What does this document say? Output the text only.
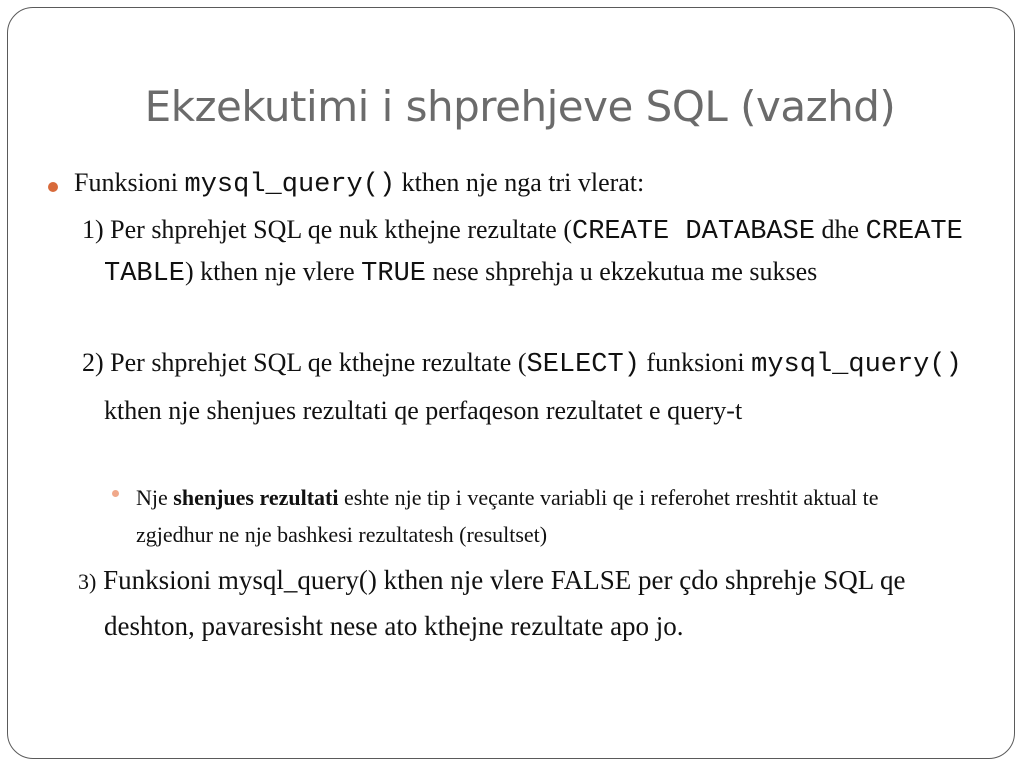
Ekzekutimi i shprehjeve SQL (vazhd)
Funksioni mysql_query() kthen nje nga tri vlerat:
1) Per shprehjet SQL qe nuk kthejne rezultate (CREATE DATABASE dhe CREATE TABLE) kthen nje vlere TRUE nese shprehja u ekzekutua me sukses
2) Per shprehjet SQL qe kthejne rezultate (SELECT) funksioni mysql_query() kthen nje shenjues rezultati qe perfaqeson rezultatet e query-t
Nje shenjues rezultati eshte nje tip i veçante variabli qe i referohet rreshtit aktual te zgjedhur ne nje bashkesi rezultatesh (resultset)
3) Funksioni mysql_query() kthen nje vlere FALSE per çdo shprehje SQL qe deshton, pavaresisht nese ato kthejne rezultate apo jo.
